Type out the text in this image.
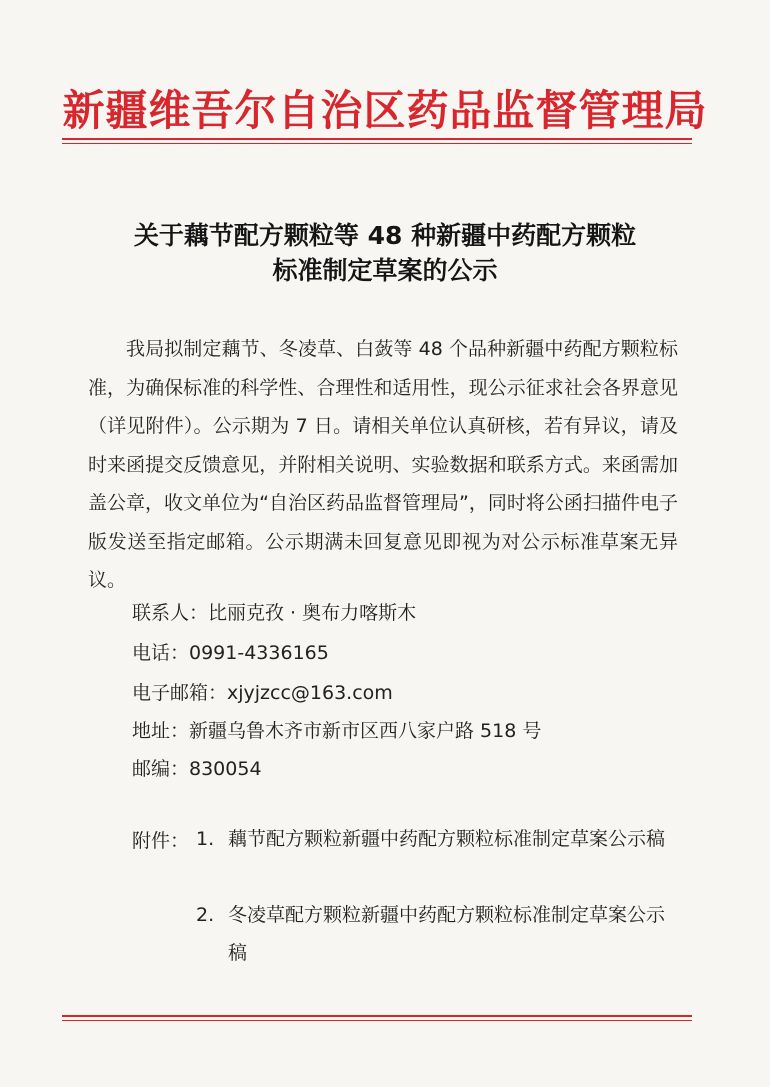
新疆维吾尔自治区药品监督管理局
关于藕节配方颗粒等 48 种新疆中药配方颗粒
标准制定草案的公示
我局拟制定藕节、冬凌草、白蔹等 48 个品种新疆中药配方颗粒标准，为确保标准的科学性、合理性和适用性，现公示征求社会各界意见（详见附件）。公示期为 7 日。请相关单位认真研核，若有异议，请及时来函提交反馈意见，并附相关说明、实验数据和联系方式。来函需加盖公章，收文单位为“自治区药品监督管理局”，同时将公函扫描件电子版发送至指定邮箱。公示期满未回复意见即视为对公示标准草案无异议。
联系人：比丽克孜 · 奥布力喀斯木
电话：0991-4336165
电子邮箱：xjyjzcc@163.com
地址：新疆乌鲁木齐市新市区西八家户路 518 号
邮编：830054
附件： 1. 藕节配方颗粒新疆中药配方颗粒标准制定草案公示稿
2. 冬凌草配方颗粒新疆中药配方颗粒标准制定草案公示稿
